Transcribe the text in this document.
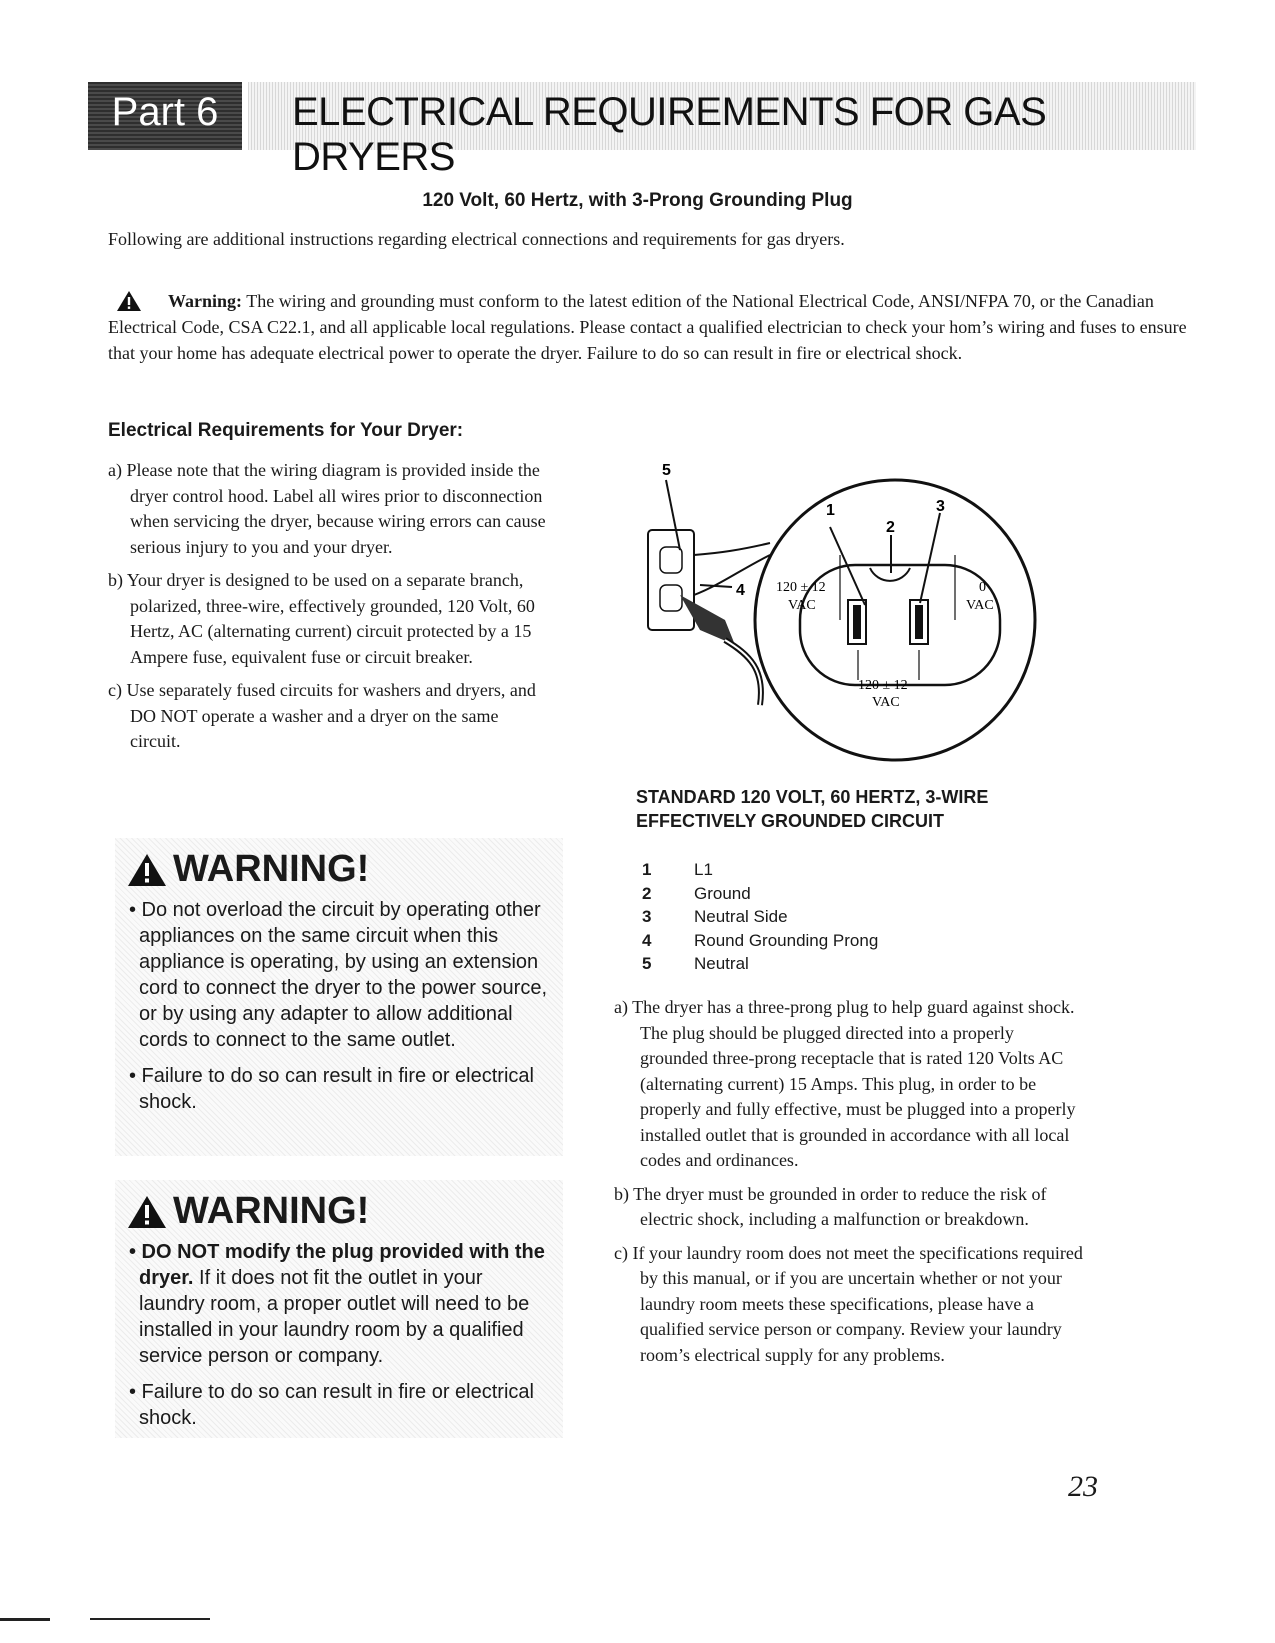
Part 6	ELECTRICAL REQUIREMENTS FOR GAS DRYERS
120 Volt, 60 Hertz, with 3-Prong Grounding Plug
Following are additional instructions regarding electrical connections and requirements for gas dryers.
Warning: The wiring and grounding must conform to the latest edition of the National Electrical Code, ANSI/NFPA 70, or the Canadian Electrical Code, CSA C22.1, and all applicable local regulations. Please contact a qualified electrician to check your hom’s wiring and fuses to ensure that your home has adequate electrical power to operate the dryer. Failure to do so can result in fire or electrical shock.
Electrical Requirements for Your Dryer:
a) Please note that the wiring diagram is provided inside the dryer control hood. Label all wires prior to disconnection when servicing the dryer, because wiring errors can cause serious injury to you and your dryer.
b) Your dryer is designed to be used on a separate branch, polarized, three-wire, effectively grounded, 120 Volt, 60 Hertz, AC (alternating current) circuit protected by a 15 Ampere fuse, equivalent fuse or circuit breaker.
c) Use separately fused circuits for washers and dryers, and DO NOT operate a washer and a dryer on the same circuit.
WARNING!

• Do not overload the circuit by operating other appliances on the same circuit when this appliance is operating, by using an extension cord to connect the dryer to the power source, or by using any adapter to allow additional cords to connect to the same outlet.

• Failure to do so can result in fire or electrical shock.

WARNING!

• DO NOT modify the plug provided with the dryer. If it does not fit the outlet in your laundry room, a proper outlet will need to be installed in your laundry room by a qualified service person or company.

• Failure to do so can result in fire or electrical shock.

5
1	3
2
4 120 ± 12
VAC
0
VAC
120 ± 12
VAC
STANDARD 120 VOLT, 60 HERTZ, 3-WIRE EFFECTIVELY GROUNDED CIRCUIT
1	L1
2	Ground
3	Neutral Side
4	Round Grounding Prong
5	Neutral
a) The dryer has a three-prong plug to help guard against shock. The plug should be plugged directed into a properly grounded three-prong receptacle that is rated 120 Volts AC (alternating current) 15 Amps. This plug, in order to be properly and fully effective, must be plugged into a properly installed outlet that is grounded in accordance with all local codes and ordinances.
b) The dryer must be grounded in order to reduce the risk of electric shock, including a malfunction or breakdown.
c) If your laundry room does not meet the specifications required by this manual, or if you are uncertain whether or not your laundry room meets these specifications, please have a qualified service person or company. Review your laundry room’s electrical supply for any problems.
23
